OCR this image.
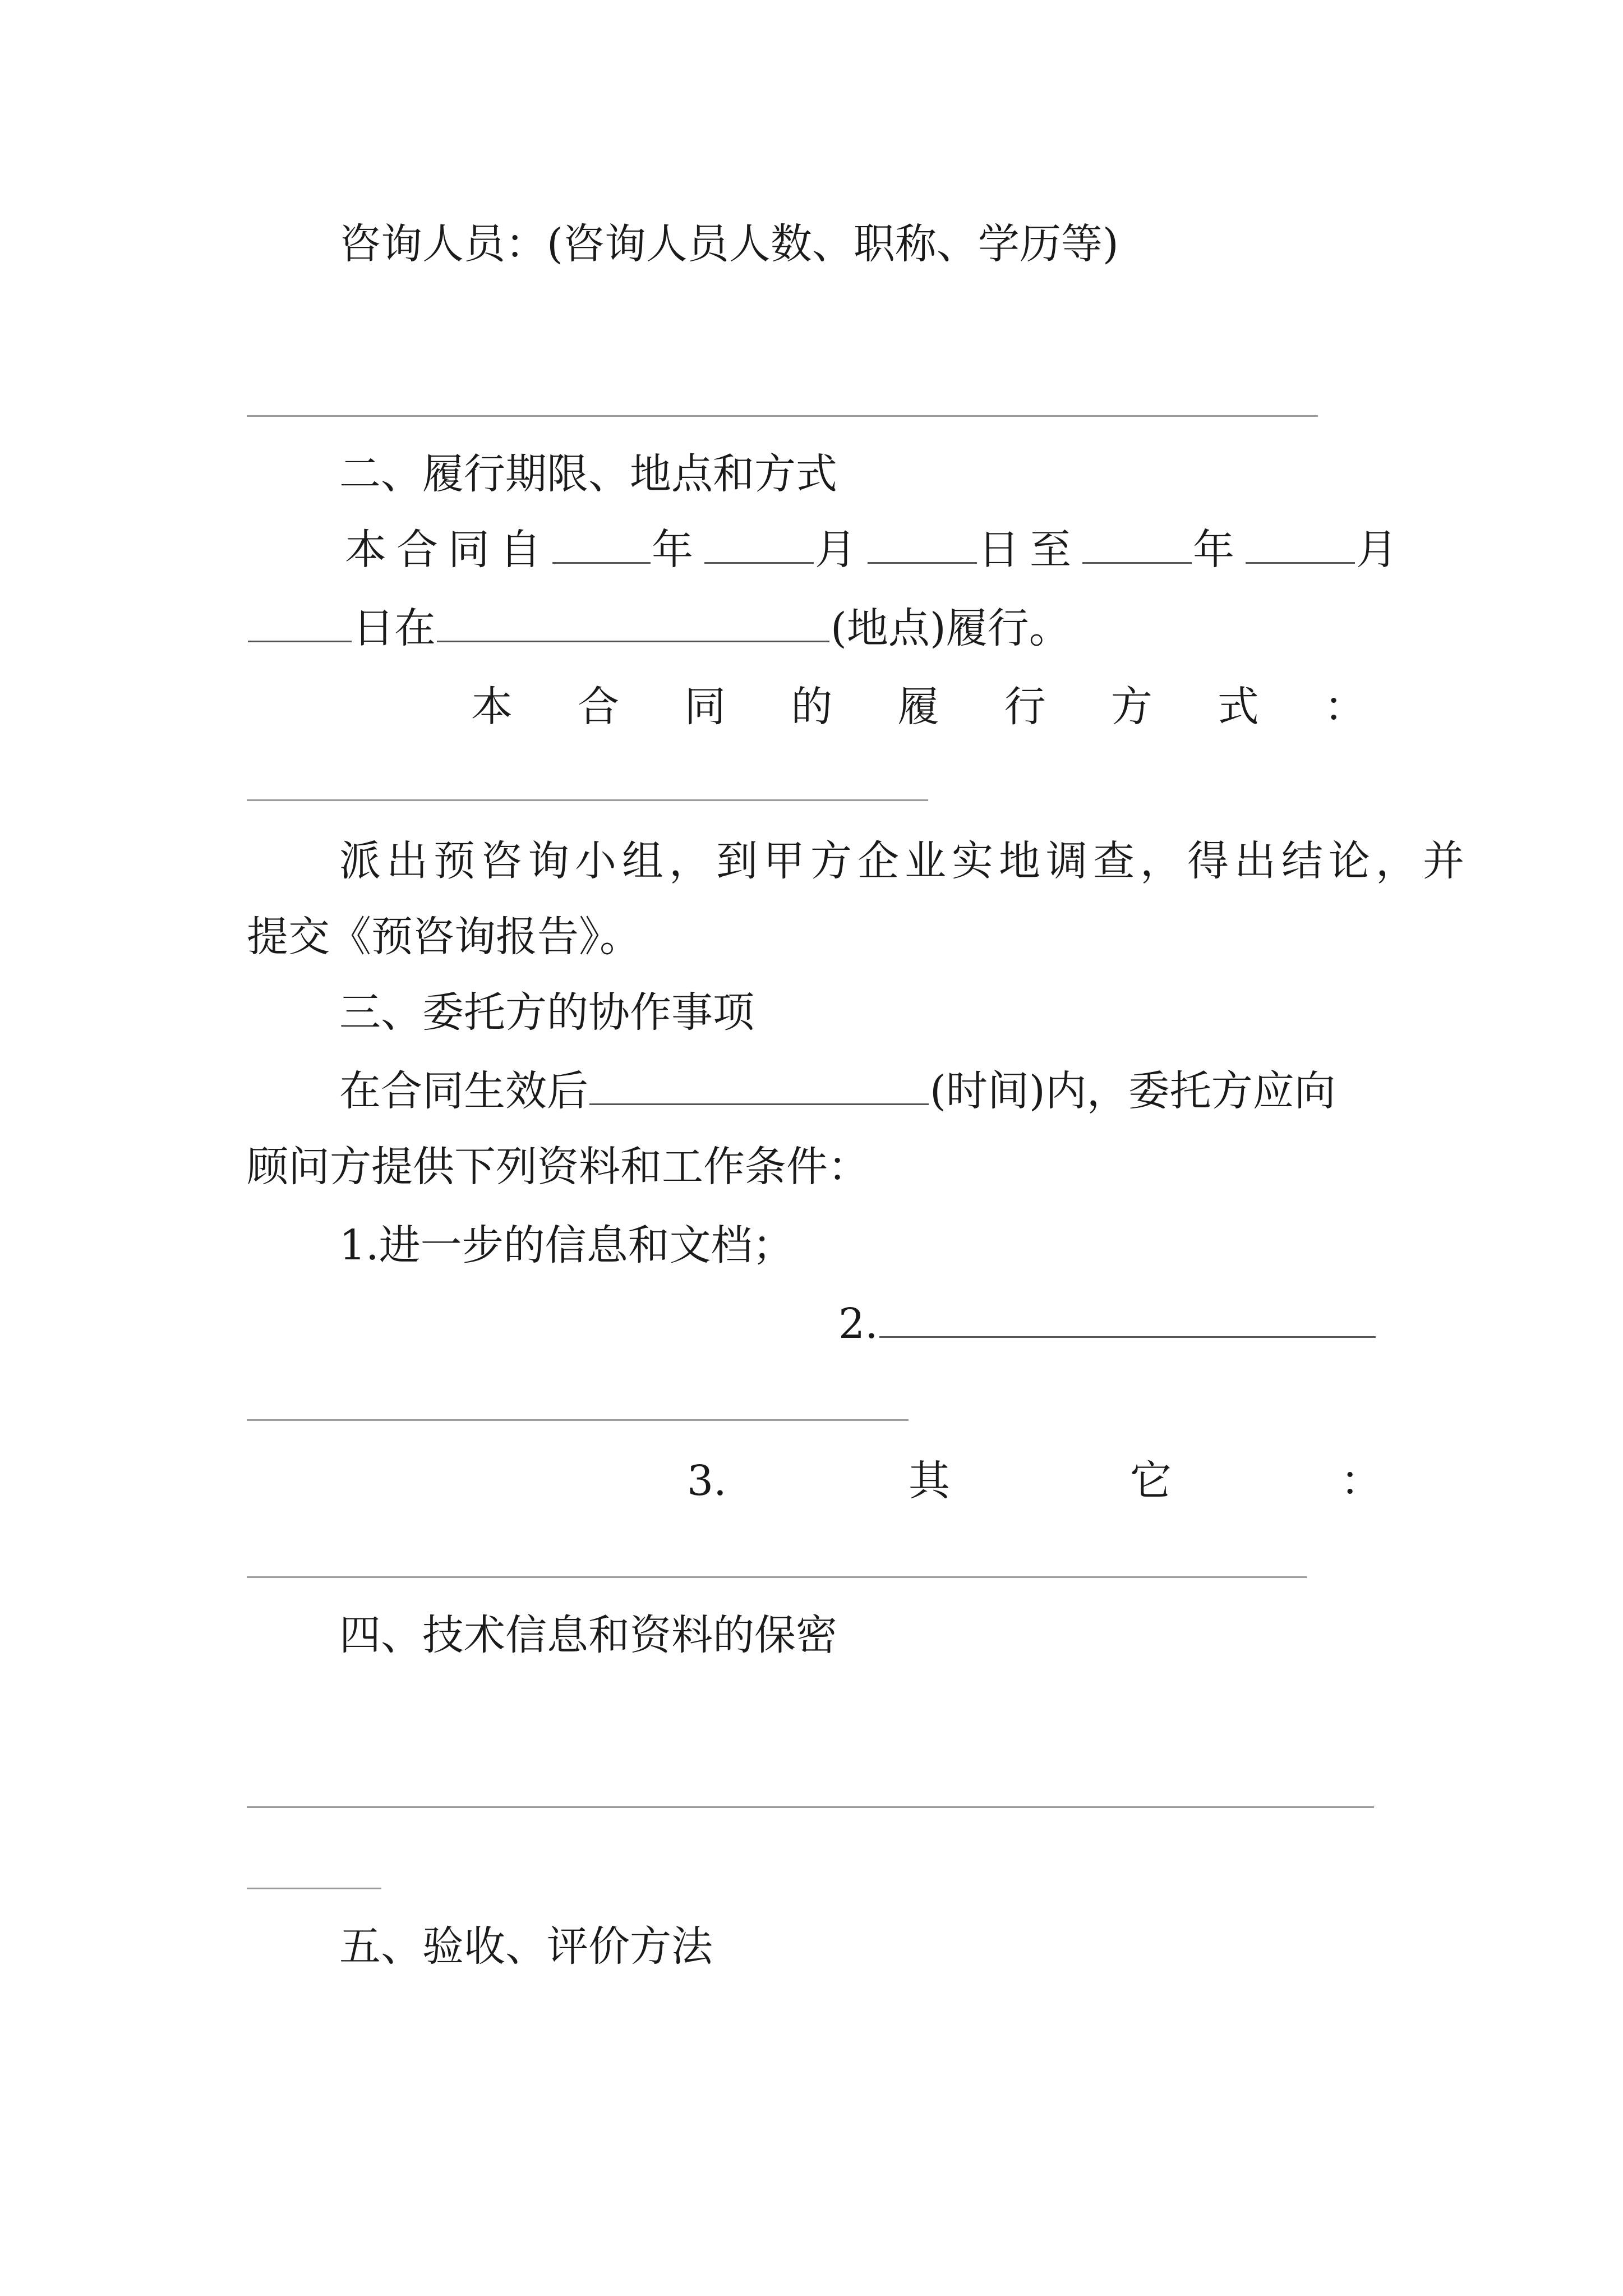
咨询人员：(咨询人员人数、职称、学历等)
二、履行期限、地点和方式
本合同自 年	月	日至	年	月
日在	(地点)履行。
本 合 同 的 履 行 方 式 ：
派出预咨询小组，到甲方企业实地调查，得出结论，并
提交《预咨询报告》。
三、委托方的协作事项
在合同生效后	(时间)内，委托方应向
顾问方提供下列资料和工作条件：
1.进一步的信息和文档；
2.
3.	其	它	：
四、技术信息和资料的保密
五、验收、评价方法
